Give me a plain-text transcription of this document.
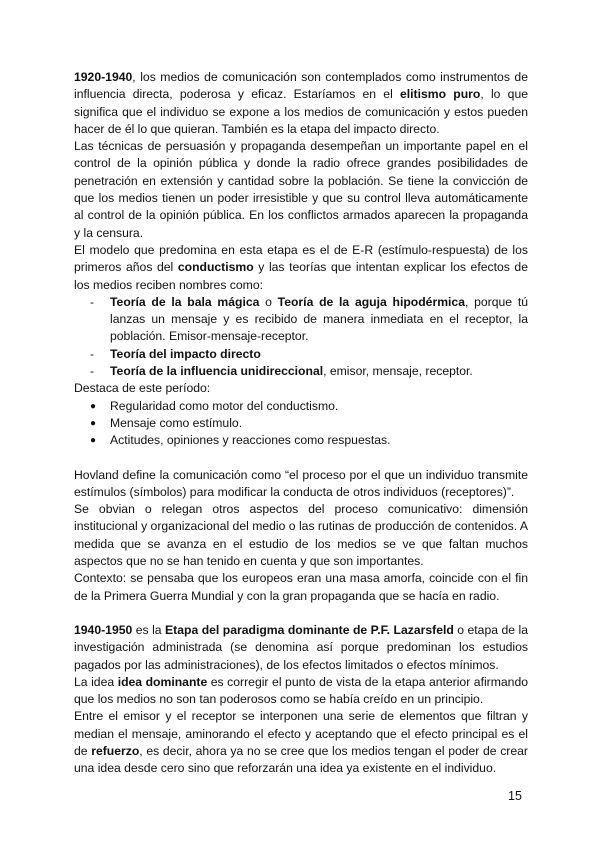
1920-1940, los medios de comunicación son contemplados como instrumentos de influencia directa, poderosa y eficaz. Estaríamos en el elitismo puro, lo que significa que el individuo se expone a los medios de comunicación y estos pueden hacer de él lo que quieran. También es la etapa del impacto directo.

Las técnicas de persuasión y propaganda desempeñan un importante papel en el control de la opinión pública y donde la radio ofrece grandes posibilidades de penetración en extensión y cantidad sobre la población. Se tiene la convicción de que los medios tienen un poder irresistible y que su control lleva automáticamente al control de la opinión pública. En los conflictos armados aparecen la propaganda y la censura.

El modelo que predomina en esta etapa es el de E-R (estímulo-respuesta) de los primeros años del conductismo y las teorías que intentan explicar los efectos de los medios reciben nombres como:

- Teoría de la bala mágica o Teoría de la aguja hipodérmica, porque tú lanzas un mensaje y es recibido de manera inmediata en el receptor, la población. Emisor-mensaje-receptor.
- Teoría del impacto directo
- Teoría de la influencia unidireccional, emisor, mensaje, receptor.

Destaca de este período:

● Regularidad como motor del conductismo.
● Mensaje como estímulo.
● Actitudes, opiniones y reacciones como respuestas.

Hovland define la comunicación como “el proceso por el que un individuo transmite estímulos (símbolos) para modificar la conducta de otros individuos (receptores)”.

Se obvian o relegan otros aspectos del proceso comunicativo: dimensión institucional y organizacional del medio o las rutinas de producción de contenidos. A medida que se avanza en el estudio de los medios se ve que faltan muchos aspectos que no se han tenido en cuenta y que son importantes.

Contexto: se pensaba que los europeos eran una masa amorfa, coincide con el fin de la Primera Guerra Mundial y con la gran propaganda que se hacía en radio.

1940-1950 es la Etapa del paradigma dominante de P.F. Lazarsfeld o etapa de la investigación administrada (se denomina así porque predominan los estudios pagados por las administraciones), de los efectos limitados o efectos mínimos.

La idea idea dominante es corregir el punto de vista de la etapa anterior afirmando que los medios no son tan poderosos como se había creído en un principio.

Entre el emisor y el receptor se interponen una serie de elementos que filtran y median el mensaje, aminorando el efecto y aceptando que el efecto principal es el de refuerzo, es decir, ahora ya no se cree que los medios tengan el poder de crear una idea desde cero sino que reforzarán una idea ya existente en el individuo.

15
